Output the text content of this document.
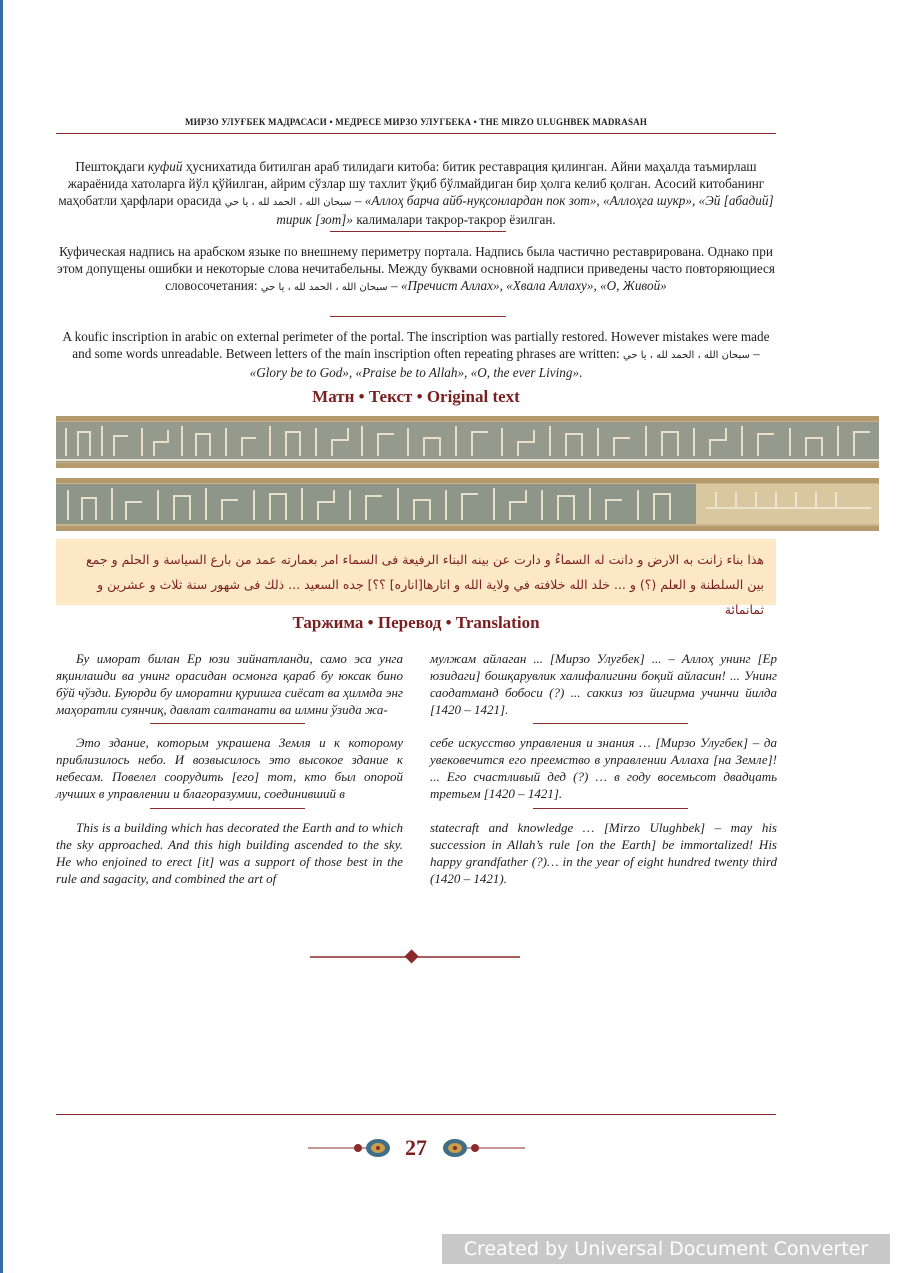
МИРЗО УЛУҒБЕК МАДРАСАСИ • МЕДРЕСЕ МИРЗО УЛУГБЕКА • THE MIRZO ULUGHBEK MADRASAH
Пештоқдаги куфий ҳуснихатида битилган араб тилидаги китоба: битик реставрация қилинган. Айни маҳалда таъмирлаш жараёнида хатоларга йўл қўйилган, айрим сўзлар шу тахлит ўқиб бўлмайдиган бир ҳолга келиб қолган. Асосий китобанинг маҳобатли ҳарфлари орасида سبحان الله ، الحمد لله ، يا حي – «Аллоҳ барча айб-нуқсонлардан пок зот», «Аллоҳга шукр», «Эй [абадий] тирик [зот]» калималари такрор-такрор ёзилган.
Куфическая надпись на арабском языке по внешнему периметру портала. Надпись была частично реставрирована. Однако при этом допущены ошибки и некоторые слова нечитабельны. Между буквами основной надписи приведены часто повторяющиеся словосочетания: سبحان الله ، الحمد لله ، يا حي – «Пречист Аллах», «Хвала Аллаху», «О, Живой»
A koufic inscription in arabic on external perimeter of the portal. The inscription was partially restored. However mistakes were made and some words unreadable. Between letters of the main inscription often repeating phrases are written: سبحان الله ، الحمد لله ، يا حي – «Glory be to God», «Praise be to Allah», «O, the ever Living».
Матн • Текст • Original text
هذا بناء زانت به الارض و دانت له السماءُ و دارت عن بينه البناء الرفيعة فى السماء امر بعمارته عمد من بارع السياسة و الحلم و جمع بين السلطنة و العلم (؟) و ... خلد الله خلافته في ولاية الله و اثارها[اناره] ؟؟] جده السعيد ... ذلك فى شهور سنة ثلاث و عشرين و ثمانمائة
Таржима • Перевод • Translation
Бу иморат билан Ер юзи зийнатланди, само эса унга яқинлашди ва унинг орасидан осмонга қараб бу юксак бино бўй чўзди. Буюрди бу иморатни қуришга сиёсат ва ҳилмда энг маҳоратли суянчиқ, давлат салтанати ва илмни ўзида жа-
мулжам айлаган ... [Мирзо Улуғбек] ... – Аллоҳ унинг [Ер юзидаги] бошқарувлик халифалигини боқий айласин! ... Унинг саодатманд бобоси (?) ... саккиз юз йигирма учинчи йилда [1420 – 1421].
Это здание, которым украшена Земля и к которому приблизилось небо. И возвысилось это высокое здание к небесам. Повелел соорудить [его] тот, кто был опорой лучших в управлении и благоразумии, соединивший в
себе искусство управления и знания … [Мирзо Улугбек] – да увековечится его преемство в управлении Аллаха [на Земле]! ... Его счастливый дед (?) … в году восемьсот двадцать третьем [1420 – 1421].
This is a building which has decorated the Earth and to which the sky approached. And this high building ascended to the sky. He who enjoined to erect [it] was a support of those best in the rule and sagacity, and combined the art of
statecraft and knowledge … [Mirzo Ulughbek] – may his succession in Allah’s rule [on the Earth] be immortalized! His happy grandfather (?)… in the year of eight hundred twenty third (1420 – 1421).
27
Created by Universal Document Converter
